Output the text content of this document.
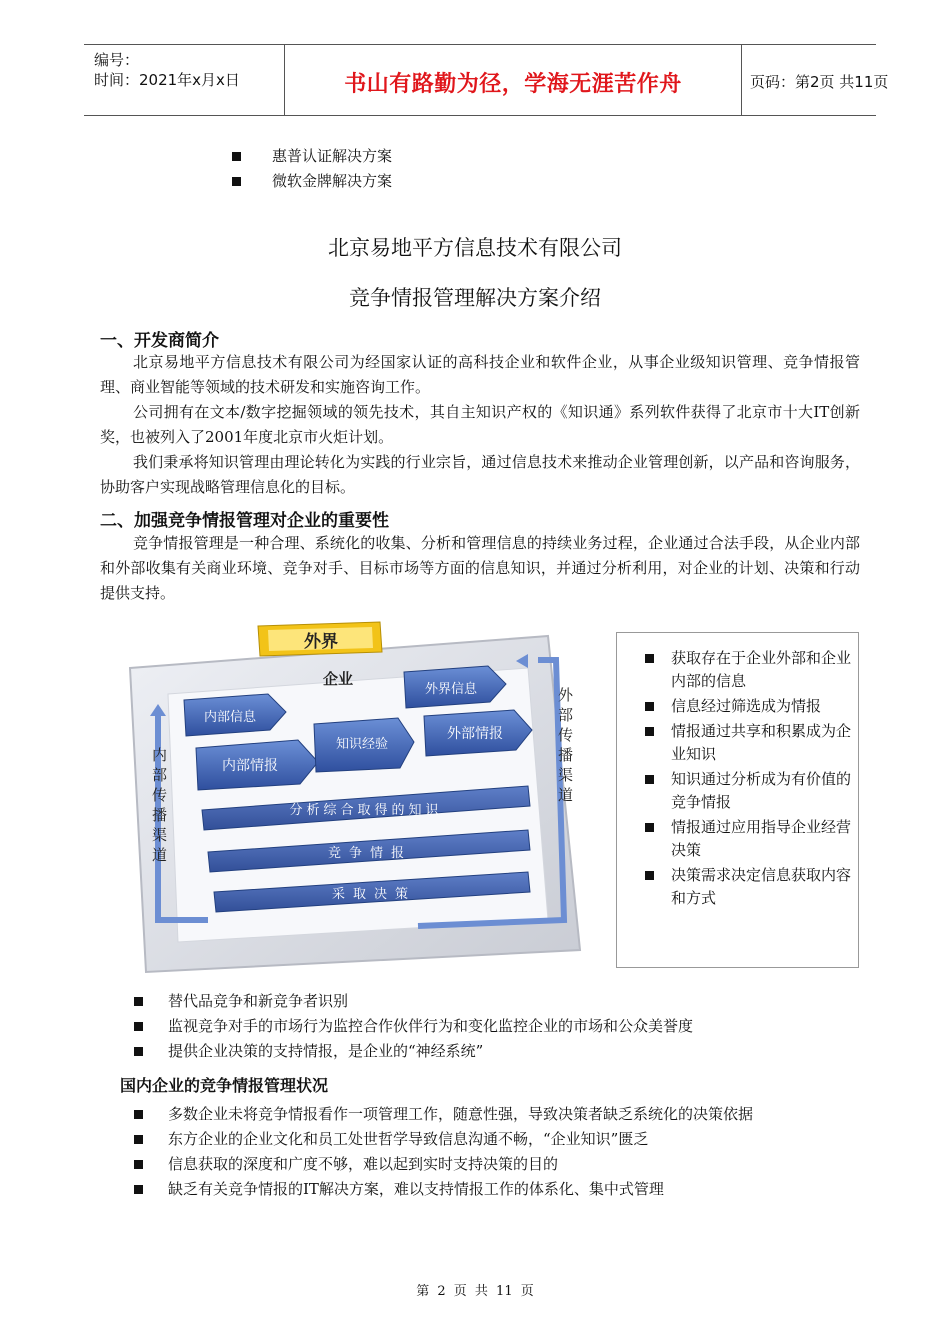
编号：
时间：2021年x月x日	书山有路勤为径，学海无涯苦作舟	页码：第2页 共11页
惠普认证解决方案
微软金牌解决方案
北京易地平方信息技术有限公司
竞争情报管理解决方案介绍
一、开发商简介
北京易地平方信息技术有限公司为经国家认证的高科技企业和软件企业，从事企业级知识管理、竞争情报管理、商业智能等领域的技术研发和实施咨询工作。
公司拥有在文本/数字挖掘领域的领先技术，其自主知识产权的《知识通》系列软件获得了北京市十大IT创新奖，也被列入了2001年度北京市火炬计划。
我们秉承将知识管理由理论转化为实践的行业宗旨，通过信息技术来推动企业管理创新，以产品和咨询服务，协助客户实现战略管理信息化的目标。
二、加强竞争情报管理对企业的重要性
竞争情报管理是一种合理、系统化的收集、分析和管理信息的持续业务过程，企业通过合法手段，从企业内部和外部收集有关商业环境、竞争对手、目标市场等方面的信息知识，并通过分析利用，对企业的计划、决策和行动提供支持。
外界
企业
内部信息
外界信息
内部情报
知识经验
外部情报
分析综合取得的知识
竞争情报
采取决策
内 部 传 播 渠 道
外 部 传 播 渠 道
获取存在于企业外部和企业内部的信息
信息经过筛选成为情报
情报通过共享和积累成为企业知识
知识通过分析成为有价值的竞争情报
情报通过应用指导企业经营决策
决策需求决定信息获取内容和方式
替代品竞争和新竞争者识别
监视竞争对手的市场行为监控合作伙伴行为和变化监控企业的市场和公众美誉度
提供企业决策的支持情报，是企业的“神经系统”
国内企业的竞争情报管理状况
多数企业未将竞争情报看作一项管理工作，随意性强，导致决策者缺乏系统化的决策依据
东方企业的企业文化和员工处世哲学导致信息沟通不畅，“企业知识”匮乏
信息获取的深度和广度不够，难以起到实时支持决策的目的
缺乏有关竞争情报的IT解决方案，难以支持情报工作的体系化、集中式管理
第 2 页 共 11 页
